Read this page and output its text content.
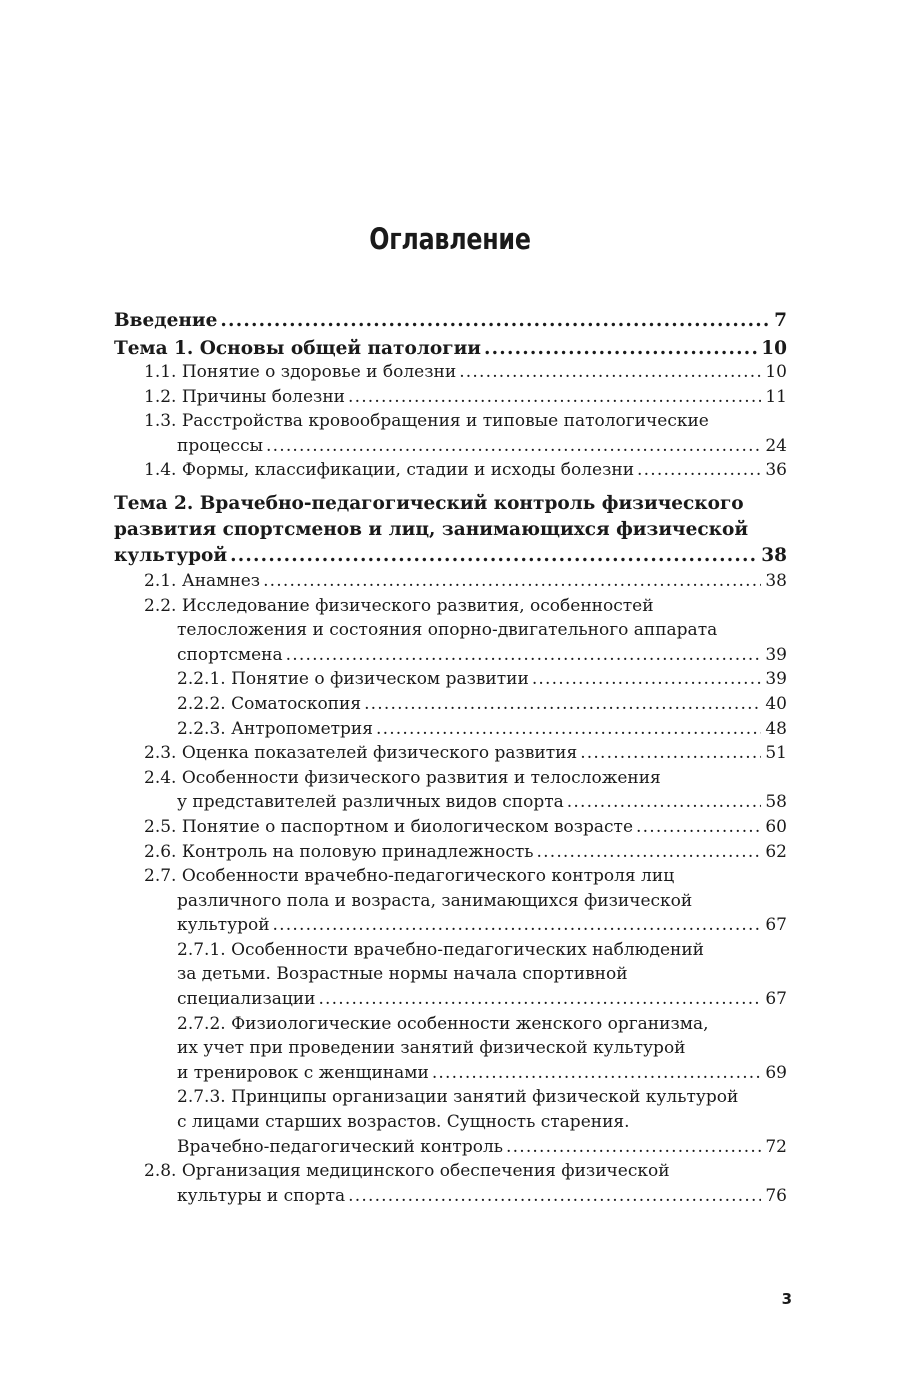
Оглавление
Введение .....	7
Тема 1. Основы общей патологии .....	10
1.1. Понятие о здоровье и болезни .....	10
1.2. Причины болезни .....	11
1.3. Расстройства кровообращения и типовые патологические
процессы .....	24
1.4. Формы, классификации, стадии и исходы болезни .....	36
Тема 2. Врачебно-педагогический контроль физического
развития спортсменов и лиц, занимающихся физической
культурой .....	38
2.1. Анамнез .....	38
2.2. Исследование физического развития, особенностей
телосложения и состояния опорно-двигательного аппарата
спортсмена .....	39
2.2.1. Понятие о физическом развитии .....	39
2.2.2. Соматоскопия .....	40
2.2.3. Антропометрия .....	48
2.3. Оценка показателей физического развития .....	51
2.4. Особенности физического развития и телосложения
у представителей различных видов спорта .....	58
2.5. Понятие о паспортном и биологическом возрасте .....	60
2.6. Контроль на половую принадлежность .....	62
2.7. Особенности врачебно-педагогического контроля лиц
различного пола и возраста, занимающихся физической
культурой .....	67
2.7.1. Особенности врачебно-педагогических наблюдений
за детьми. Возрастные нормы начала спортивной
специализации .....	67
2.7.2. Физиологические особенности женского организма,
их учет при проведении занятий физической культурой
и тренировок с женщинами .....	69
2.7.3. Принципы организации занятий физической культурой
с лицами старших возрастов. Сущность старения.
Врачебно-педагогический контроль .....	72
2.8. Организация медицинского обеспечения физической
культуры и спорта .....	76
3
